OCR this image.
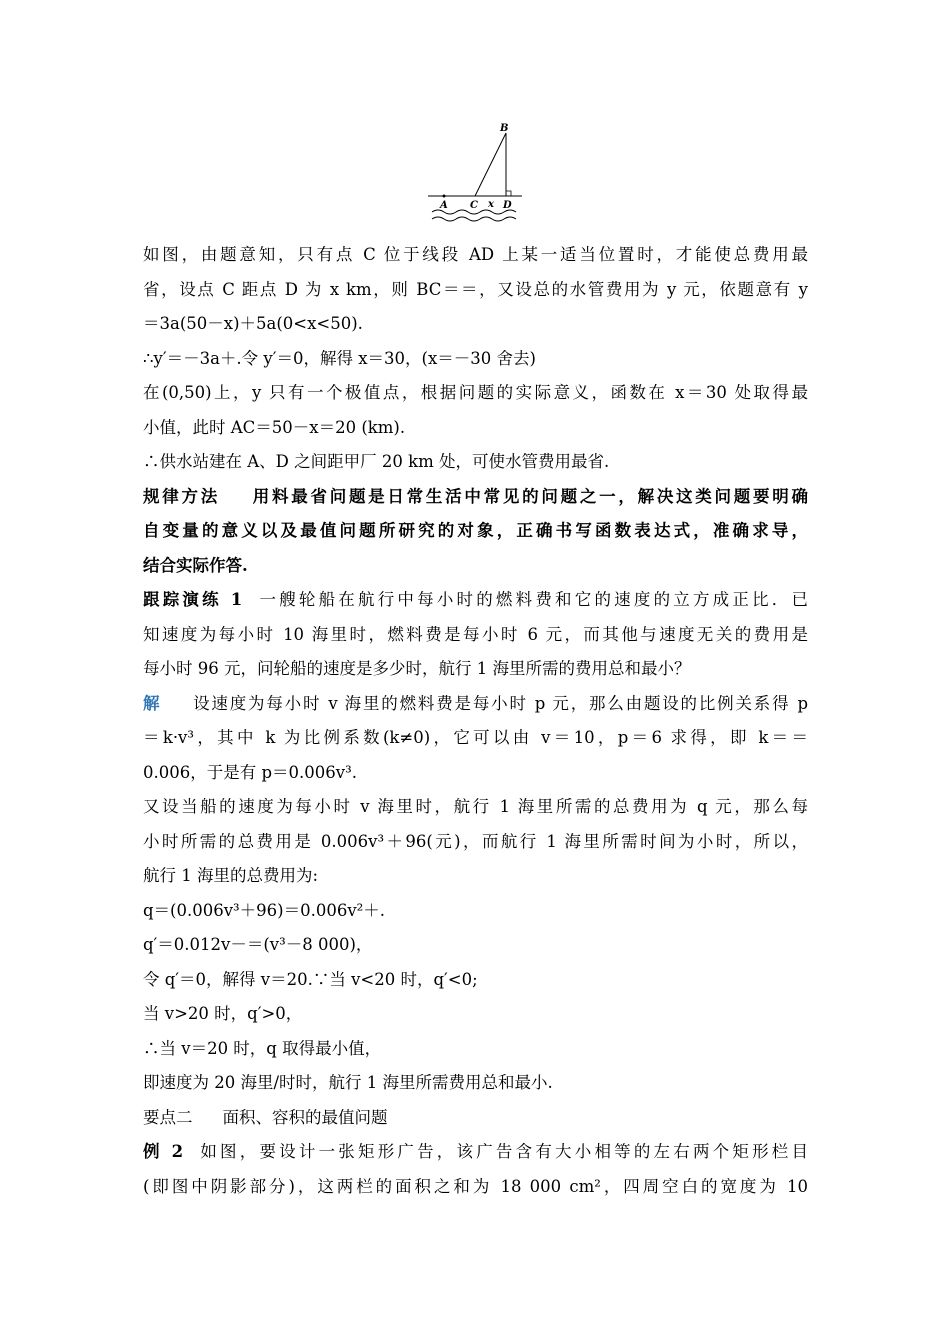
B
A C x D
如图，由题意知，只有点 C 位于线段 AD 上某一适当位置时，才能使总费用最
省，设点 C 距点 D 为 x km，则 BC＝＝，又设总的水管费用为 y 元，依题意有 y
＝3a(50－x)＋5a(0<x<50).
∴y′＝－3a＋.令 y′＝0，解得 x＝30，(x＝－30 舍去)
在(0,50)上，y 只有一个极值点，根据问题的实际意义，函数在 x＝30 处取得最
小值，此时 AC＝50－x＝20 (km).
∴供水站建在 A、D 之间距甲厂 20 km 处，可使水管费用最省.
规律方法 用料最省问题是日常生活中常见的问题之一，解决这类问题要明确
自变量的意义以及最值问题所研究的对象，正确书写函数表达式，准确求导，
结合实际作答.
跟踪演练 1 一艘轮船在航行中每小时的燃料费和它的速度的立方成正比．已
知速度为每小时 10 海里时，燃料费是每小时 6 元，而其他与速度无关的费用是
每小时 96 元，问轮船的速度是多少时，航行 1 海里所需的费用总和最小？
解 设速度为每小时 v 海里的燃料费是每小时 p 元，那么由题设的比例关系得 p
＝k·v³，其中 k 为比例系数(k≠0)，它可以由 v＝10，p＝6 求得，即 k＝＝
0.006，于是有 p＝0.006v³.
又设当船的速度为每小时 v 海里时，航行 1 海里所需的总费用为 q 元，那么每
小时所需的总费用是 0.006v³＋96(元)，而航行 1 海里所需时间为小时，所以，
航行 1 海里的总费用为:
q＝(0.006v³＋96)＝0.006v²＋.
q′＝0.012v－＝(v³－8 000)，
令 q′＝0，解得 v＝20.∵当 v<20 时，q′<0;
当 v>20 时，q′>0，
∴当 v＝20 时，q 取得最小值，
即速度为 20 海里/时时，航行 1 海里所需费用总和最小.
要点二 面积、容积的最值问题
例 2 如图，要设计一张矩形广告，该广告含有大小相等的左右两个矩形栏目
(即图中阴影部分)，这两栏的面积之和为 18 000 cm²，四周空白的宽度为 10
